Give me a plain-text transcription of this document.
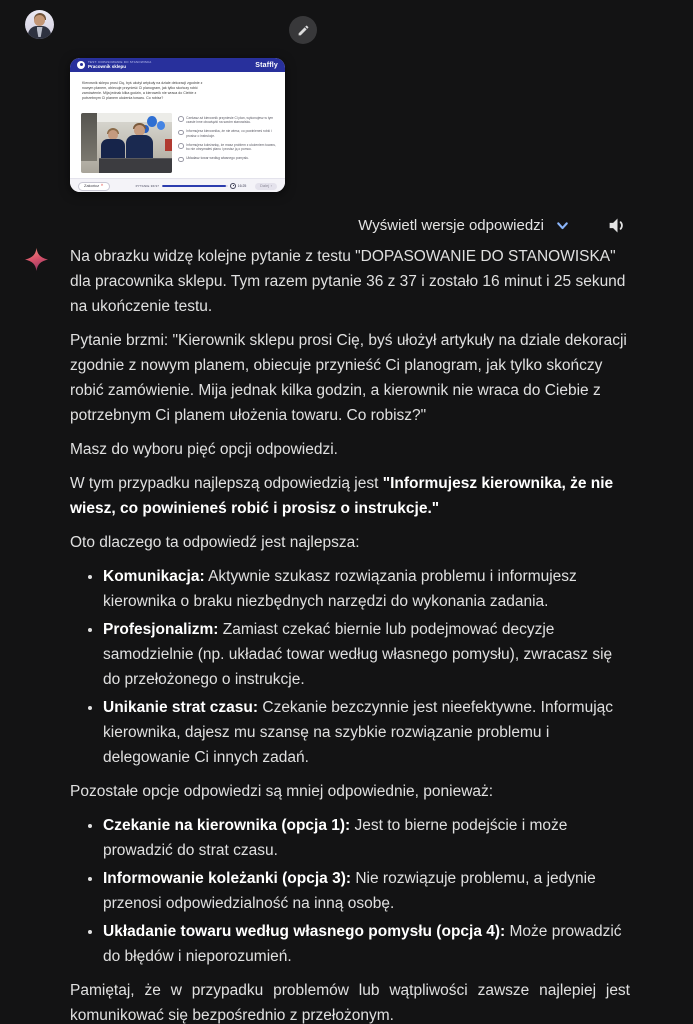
TEST: DOPASOWANIE DO STANOWISKA
Pracownik sklepu	Staffly
Kierownik sklepu prosi Cię, byś ułożył artykuły na dziale dekoracji zgodnie z nowym planem, obiecuje przynieść Ci planogram, jak tylko skończy robić zamówienie. Mija jednak kilka godzin, a kierownik nie wraca do Ciebie z potrzebnym Ci planem ułożenia towaru. Co robisz?
Czekasz aż kierownik przyniesie Ci plan, wykonujesz w tym czasie inne obowiązki na swoim stanowisku.
Informujesz kierownika, że nie wiesz, co powinieneś robić i prosisz o instrukcje.
Informujesz koleżankę, że masz problem z ułożeniem towaru, bo nie otrzymałeś planu i prosisz ją o pomoc.
Układasz towar według własnego pomysłu.
Zakończ ✕	PYTANIE 36/37	16:25	Dalej ›
Wyświetl wersje odpowiedzi

Na obrazku widzę kolejne pytanie z testu "DOPASOWANIE DO STANOWISKA" dla pracownika sklepu. Tym razem pytanie 36 z 37 i zostało 16 minut i 25 sekund na ukończenie testu.

Pytanie brzmi: "Kierownik sklepu prosi Cię, byś ułożył artykuły na dziale dekoracji zgodnie z nowym planem, obiecuje przynieść Ci planogram, jak tylko skończy robić zamówienie. Mija jednak kilka godzin, a kierownik nie wraca do Ciebie z potrzebnym Ci planem ułożenia towaru. Co robisz?"

Masz do wyboru pięć opcji odpowiedzi.

W tym przypadku najlepszą odpowiedzią jest "Informujesz kierownika, że nie wiesz, co powinieneś robić i prosisz o instrukcje."

Oto dlaczego ta odpowiedź jest najlepsza:

• Komunikacja: Aktywnie szukasz rozwiązania problemu i informujesz kierownika o braku niezbędnych narzędzi do wykonania zadania.
• Profesjonalizm: Zamiast czekać biernie lub podejmować decyzje samodzielnie (np. układać towar według własnego pomysłu), zwracasz się do przełożonego o instrukcje.
• Unikanie strat czasu: Czekanie bezczynnie jest nieefektywne. Informując kierownika, dajesz mu szansę na szybkie rozwiązanie problemu i delegowanie Ci innych zadań.

Pozostałe opcje odpowiedzi są mniej odpowiednie, ponieważ:

• Czekanie na kierownika (opcja 1): Jest to bierne podejście i może prowadzić do strat czasu.
• Informowanie koleżanki (opcja 3): Nie rozwiązuje problemu, a jedynie przenosi odpowiedzialność na inną osobę.
• Układanie towaru według własnego pomysłu (opcja 4): Może prowadzić do błędów i nieporozumień.

Pamiętaj, że w przypadku problemów lub wątpliwości zawsze najlepiej jest komunikować się bezpośrednio z przełożonym.
